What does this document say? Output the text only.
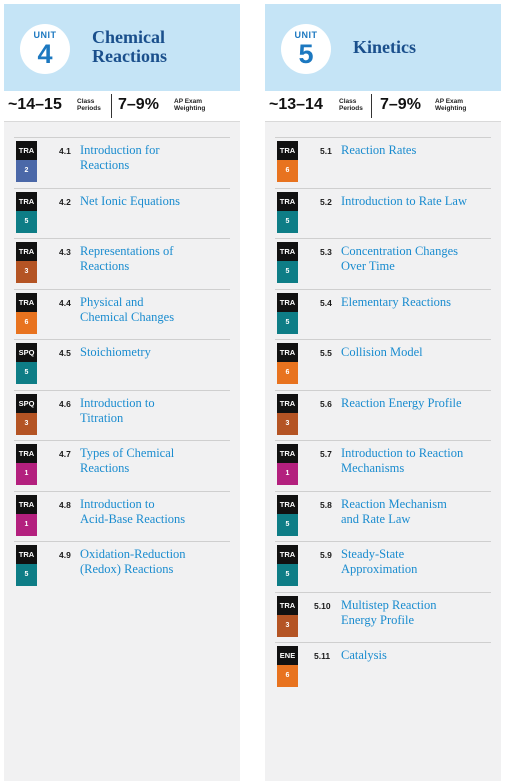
UNIT
4
Chemical
Reactions
~14–15 Class
Periods 7–9% AP Exam
Weighting
TRA
2
4.1 Introduction for
Reactions
TRA
5
4.2 Net Ionic Equations
TRA
3
4.3 Representations of
Reactions
TRA
6
4.4 Physical and
Chemical Changes
SPQ
5
4.5 Stoichiometry
SPQ
3
4.6 Introduction to
Titration
TRA
1
4.7 Types of Chemical
Reactions
TRA
1
4.8 Introduction to
Acid-Base Reactions
TRA
5
4.9 Oxidation-Reduction
(Redox) Reactions
UNIT
5	Kinetics
~13–14 Class
Periods 7–9% AP Exam
Weighting
TRA
6
5.1 Reaction Rates
TRA
5
5.2 Introduction to Rate Law
TRA
5
5.3 Concentration Changes
Over Time
TRA
5
5.4 Elementary Reactions
TRA
6
5.5 Collision Model
TRA
3
5.6 Reaction Energy Profile
TRA
1
5.7 Introduction to Reaction
Mechanisms
TRA
5
5.8 Reaction Mechanism
and Rate Law
TRA
5
5.9 Steady-State
Approximation
TRA
3
5.10 Multistep Reaction
Energy Profile
ENE
6
5.11 Catalysis
